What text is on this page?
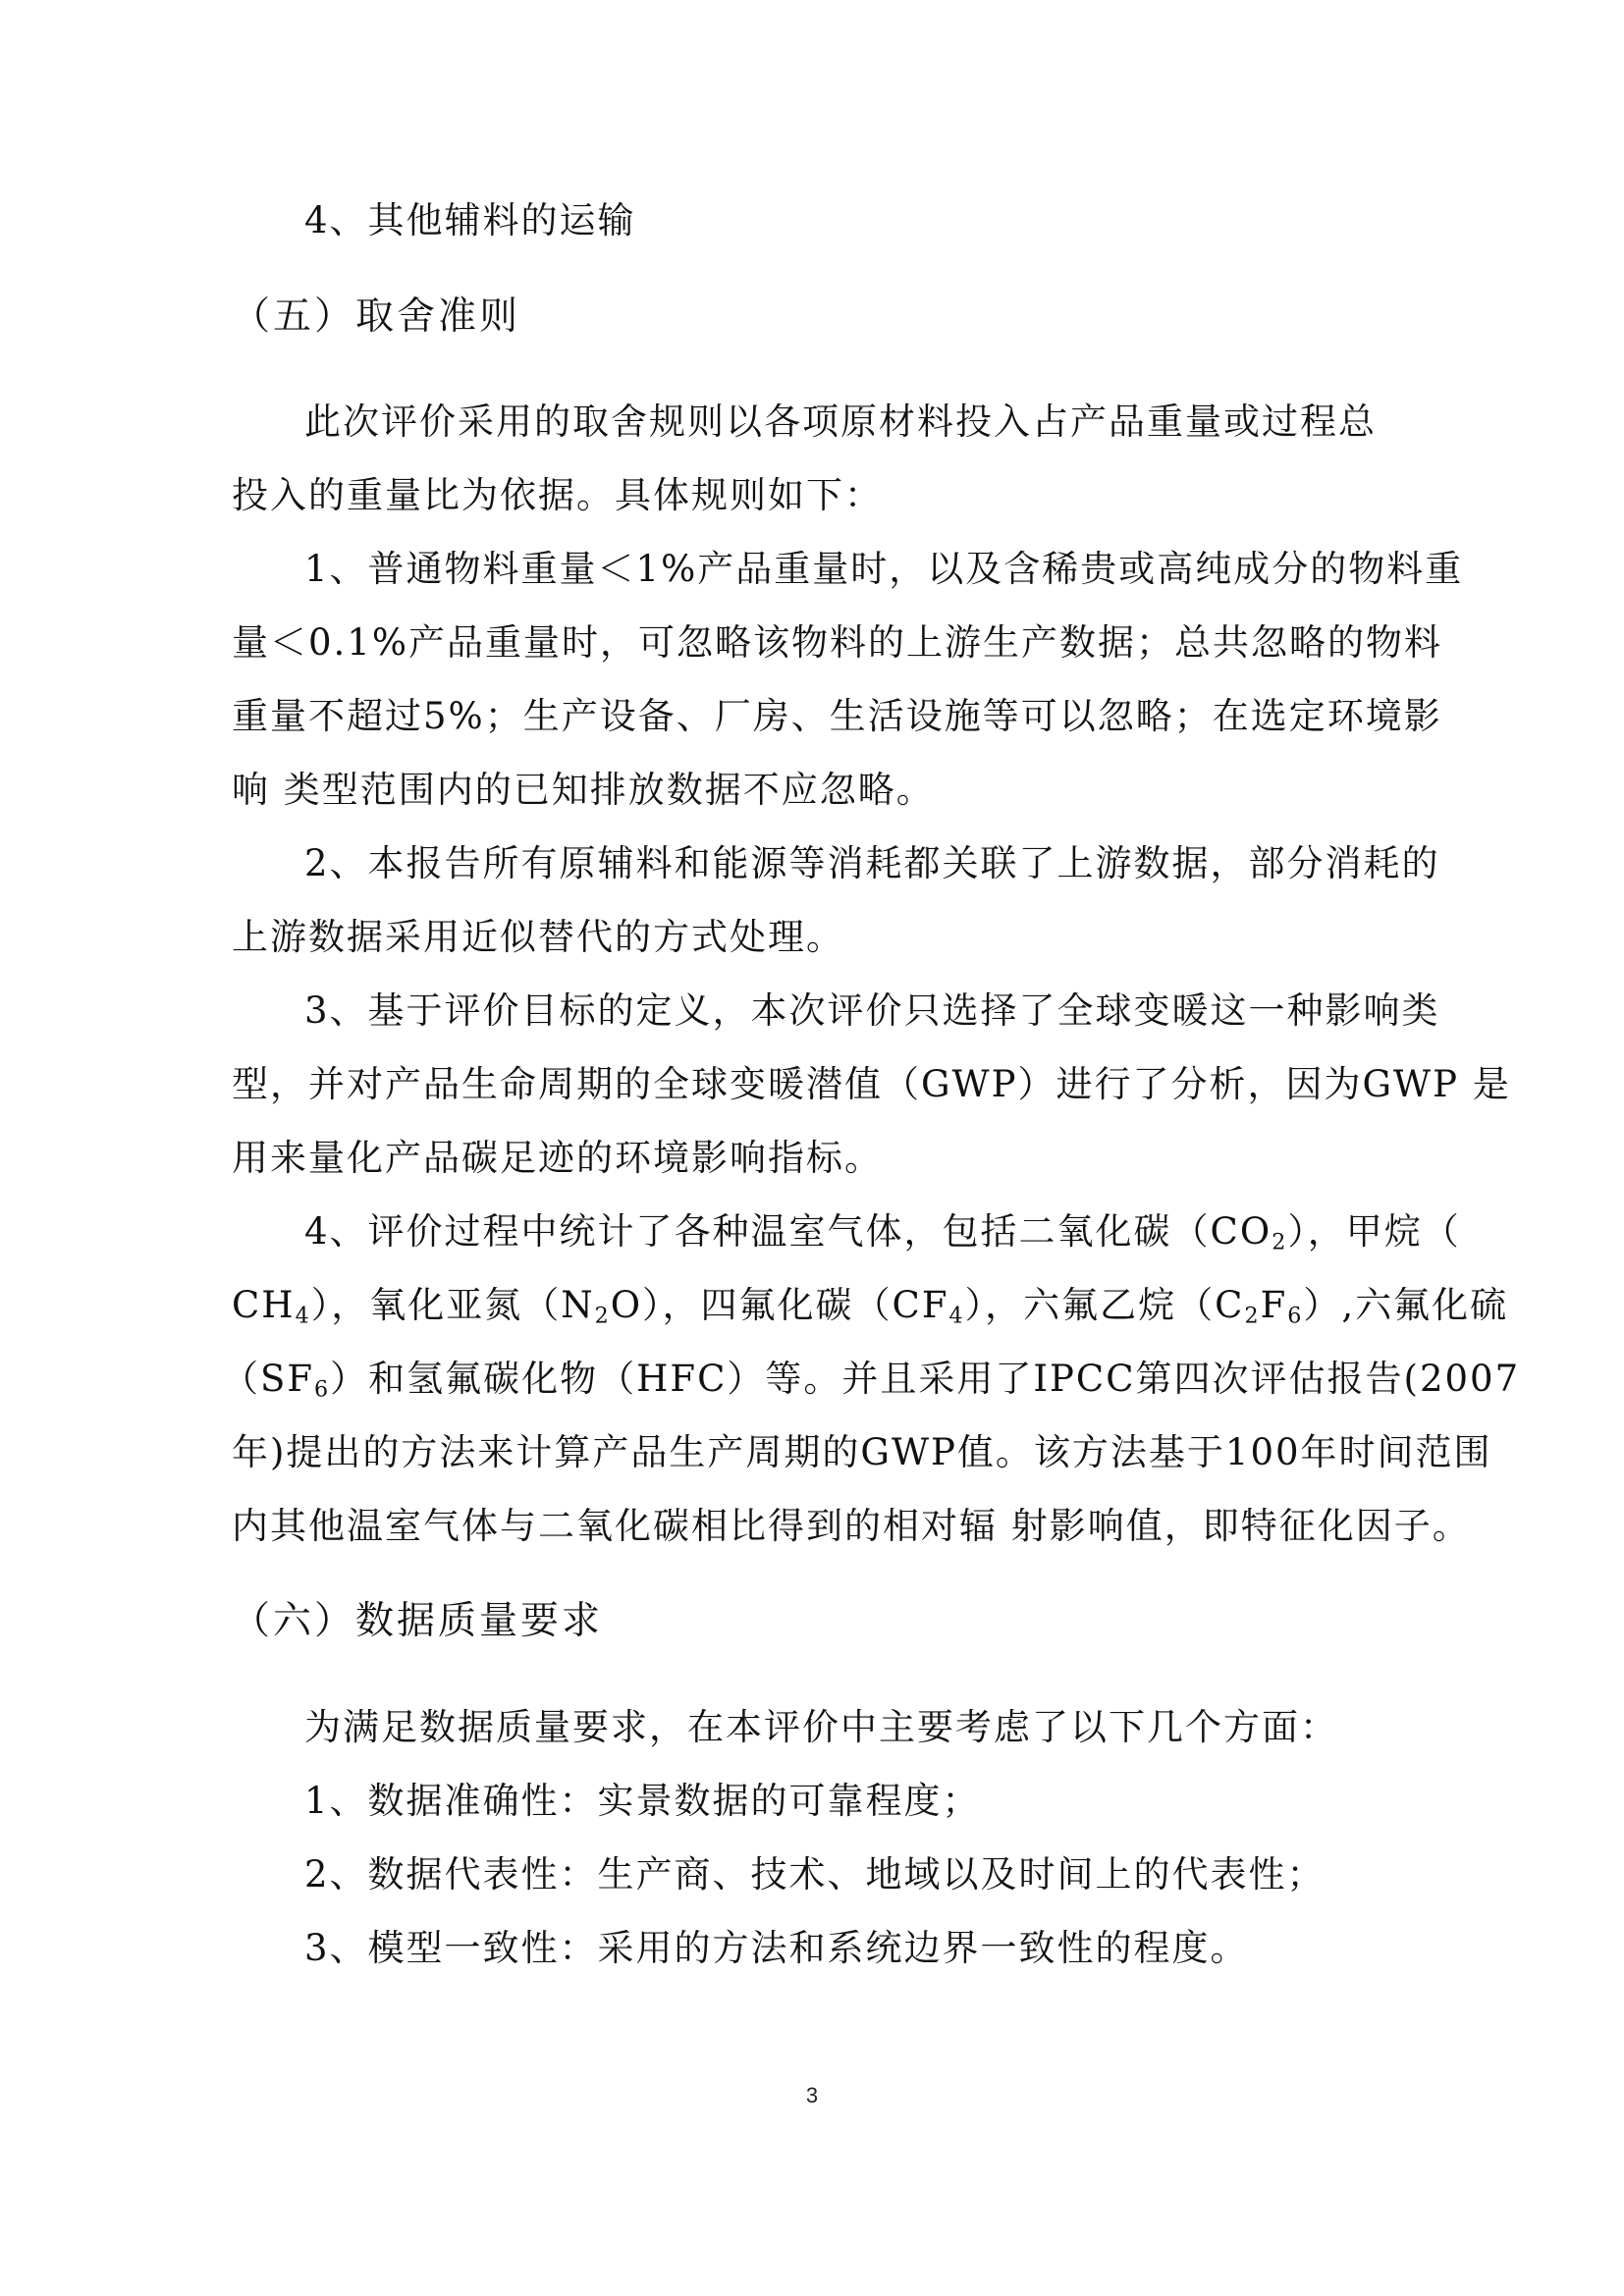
4、其他辅料的运输
（五）取舍准则
此次评价采用的取舍规则以各项原材料投入占产品重量或过程总
投入的重量比为依据。具体规则如下：
1、普通物料重量＜1%产品重量时，以及含稀贵或高纯成分的物料重
量＜0.1%产品重量时，可忽略该物料的上游生产数据；总共忽略的物料
重量不超过5%；生产设备、厂房、生活设施等可以忽略；在选定环境影
响 类型范围内的已知排放数据不应忽略。
2、本报告所有原辅料和能源等消耗都关联了上游数据，部分消耗的
上游数据采用近似替代的方式处理。
3、基于评价目标的定义，本次评价只选择了全球变暖这一种影响类
型，并对产品生命周期的全球变暖潜值（GWP）进行了分析，因为GWP 是
用来量化产品碳足迹的环境影响指标。
4、评价过程中统计了各种温室气体，包括二氧化碳$(CO_2)$，甲烷（
$CH_4$），氧化亚氮$(N_2O)$，四氟化碳$(CF_4)$，六氟乙烷$(C_2F_6)$,六氟化硫
$(SF_6)$和氢氟碳化物（HFC）等。并且采用了IPCC第四次评估报告(2007
年)提出的方法来计算产品生产周期的GWP值。该方法基于100年时间范围
内其他温室气体与二氧化碳相比得到的相对辐 射影响值，即特征化因子。
（六）数据质量要求
为满足数据质量要求，在本评价中主要考虑了以下几个方面：
1、数据准确性：实景数据的可靠程度；
2、数据代表性：生产商、技术、地域以及时间上的代表性；
3、模型一致性：采用的方法和系统边界一致性的程度。
3
